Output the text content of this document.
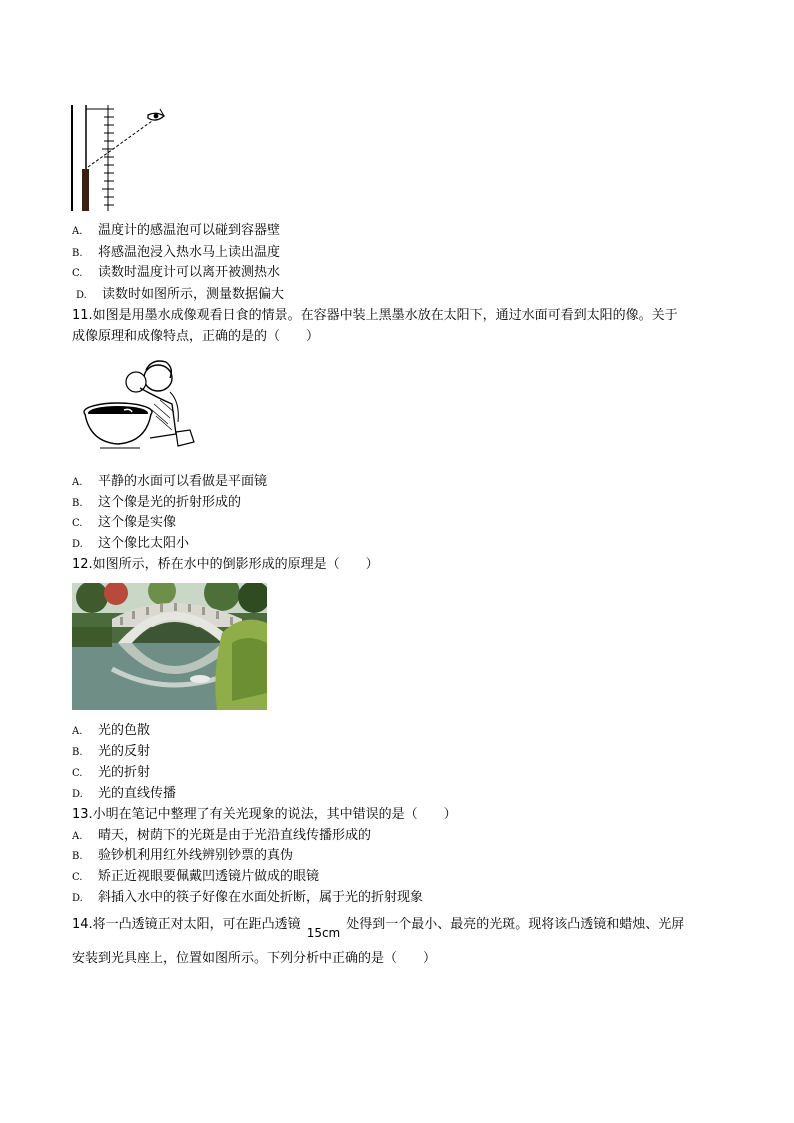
A. 温度计的感温泡可以碰到容器壁
B. 将感温泡浸入热水马上读出温度
C. 读数时温度计可以离开被测热水
D. 读数时如图所示，测量数据偏大
11.如图是用墨水成像观看日食的情景。在容器中装上黑墨水放在太阳下，通过水面可看到太阳的像。关于
成像原理和成像特点，正确的是的（　　）
A. 平静的水面可以看做是平面镜
B. 这个像是光的折射形成的
C. 这个像是实像
D. 这个像比太阳小
12.如图所示，桥在水中的倒影形成的原理是（　　）
A. 光的色散
B. 光的反射
C. 光的折射
D. 光的直线传播
13.小明在笔记中整理了有关光现象的说法，其中错误的是（　　）
A. 晴天，树荫下的光斑是由于光沿直线传播形成的
B. 验钞机利用红外线辨别钞票的真伪
C. 矫正近视眼要佩戴凹透镜片做成的眼镜
D. 斜插入水中的筷子好像在水面处折断，属于光的折射现象
14.将一凸透镜正对太阳，可在距凸透镜15cm处得到一个最小、最亮的光斑。现将该凸透镜和蜡烛、光屏
安装到光具座上，位置如图所示。下列分析中正确的是（　　）
